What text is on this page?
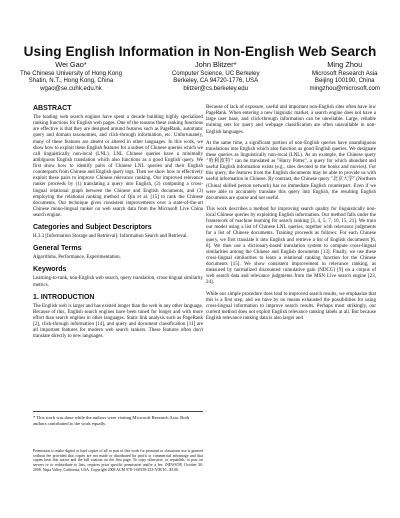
Using English Information in Non-English Web Search
Wei Gao*
The Chinese University of Hong Kong
Shatin, N.T., Hong Kong, China
wgao@se.cuhk.edu.hk
John Blitzer*
Computer Science, UC Berkeley
Berkeley, CA 94720-1776, USA
blitzer@cs.berkeley.edu
Ming Zhou
Microsoft Research Asia
Beijing 100190, China
mingzhou@microsoft.com
ABSTRACT

The leading web search engines have spent a decade building highly specialized ranking functions for English web pages. One of the reasons these ranking functions are effective is that they are designed around features such as PageRank, automatic query and domain taxonomies, and click-through information, etc. Unfortunately, many of these features are absent or altered in other languages. In this work, we show how to exploit these English features for a subset of Chinese queries which we call linguistically non-local (LNL). LNL Chinese queries have a minimally ambiguous English translation which also functions as a good English query. We first show how to identify pairs of Chinese LNL queries and their English counterparts from Chinese and English query logs. Then we show how to effectively exploit these pairs to improve Chinese relevance ranking. Our improved relevance ranker proceeds by (1) translating a query into English, (2) computing a cross-lingual relational graph between the Chinese and English documents, and (3) employing the relational ranking method of Qin et al. [15] to rank the Chinese documents. Our technique gives consistent improvements over a state-of-the-art Chinese mono-lingual ranker on web search data from the Microsoft Live China search engine.

Categories and Subject Descriptors

H.3.3 [Information Storage and Retrieval]: Information Search and Retrieval.

General Terms

Algorithms, Performance, Experimentation.

Keywords

Learning-to-rank, non-English web search, query translation, cross-lingual similarity metrics.

1. INTRODUCTION

The English web is larger and has existed longer than the web in any other language. Because of this, English search engines have been tuned for longer and with more effort than search engines in other languages. Static link analysis such as PageRank [2], click-through information [14], and query and document classification [11] are all important features for modern web search rankers. These features often don't translate directly to new languages.

* This work was done while the authors were visiting Microsoft Research Asia. Both authors contributed to the work equally.
Permission to make digital or hard copies of all or part of this work for personal or classroom use is granted without fee provided that copies are not made or distributed for profit or commercial advantage and that copies bear this notice and the full citation on the first page. To copy otherwise, or republish, to post on servers or to redistribute to lists, requires prior specific permission and/or a fee. iNEWS'08, October 30, 2008, Napa Valley, California, USA. Copyright 2008 ACM 978-1-60558-253-5/08/10...$5.00.

Because of lack of exposure, useful and important non-English sites often have low PageRank. When entering a new linguistic market, a search engine does not have a large user base, and click-through information can be unreliable. Large, reliable training sets for query and webpage classification are often unavailable in non-English languages.

At the same time, a significant portion of non-English queries have unambiguous translations into English which also function as good English queries. We designate these queries as linguistically non-local (LNL). As an example, the Chinese query "哈利波特" can be translated as "Harry Potter", a query for which abundant and useful English information exists (e.g., sites devoted to the books and movies). For this query, the features from the English documents may be able to provide us with useful information in Chinese. By contrast, the Chinese query "北京大学" (Northern (China) skilled person network) has no immediate English counterpart. Even if we were able to accurately translate this query into English, the resulting English documents are sparse and not useful.

This work describes a method for improving search quality for linguistically non-local Chinese queries by exploiting English information. Our method falls under the framework of machine learning for search ranking [3, 4, 5, 7, 10, 15, 21]. We train our model using a list of Chinese LNL queries, together with relevance judgments for a list of Chinese documents. Training proceeds as follows: For each Chinese query, we first translate it into English and retrieve a list of English documents [6, 8]. We then use a dictionary-based translation system to compute cross-lingual similarities among the Chinese and English documents [13]. Finally, we use these cross-lingual similarities to learn a relational ranking function for the Chinese documents [15]. We show consistent improvement in relevance ranking, as measured by normalized discounted cumulative gain (NDCG) [9] on a corpus of web search data and relevance judgments from the MSN Live search engine [23, 24].

While our simple procedure does lead to improved search results, we emphasize that this is a first step, and we have by no means exhausted the possibilities for using cross-lingual information to improve search results. Perhaps most strikingly, our current method does not exploit English relevance ranking labels at all. But because English relevance ranking data is also larger and
